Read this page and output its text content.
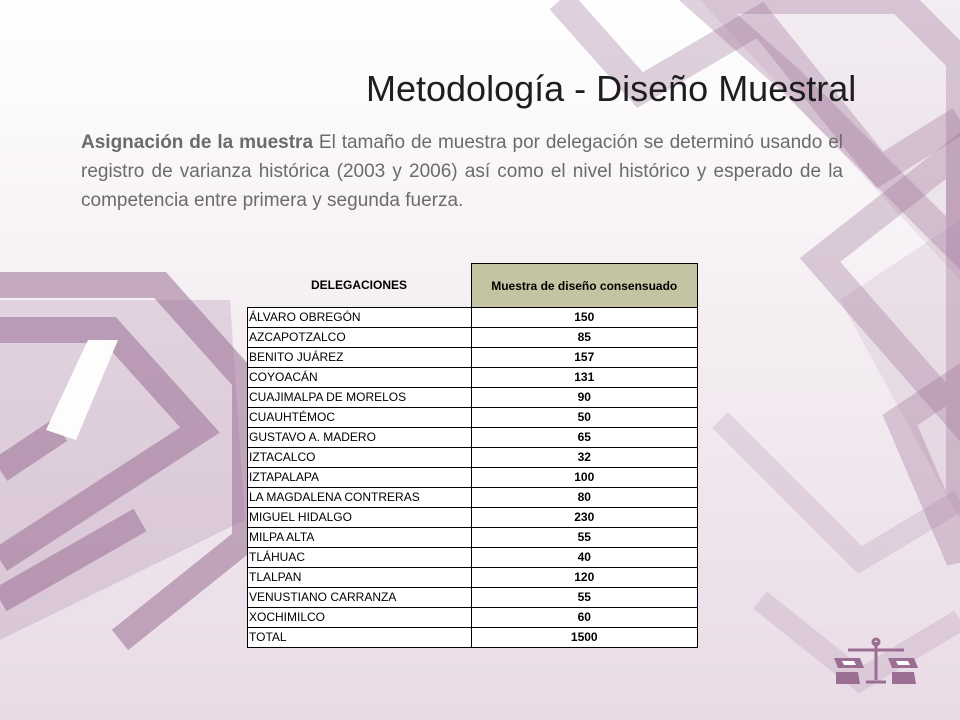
Metodología - Diseño Muestral

Asignación de la muestra El tamaño de muestra por delegación se determinó usando el registro de varianza histórica (2003 y 2006) así como el nivel histórico y esperado de la competencia entre primera y segunda fuerza.

DELEGACIONES	Muestra de diseño consensuado
ÁLVARO OBREGÓN	150
AZCAPOTZALCO	85
BENITO JUÁREZ	157
COYOACÁN	131
CUAJIMALPA DE MORELOS	90
CUAUHTÉMOC	50
GUSTAVO A. MADERO	65
IZTACALCO	32
IZTAPALAPA	100
LA MAGDALENA CONTRERAS	80
MIGUEL HIDALGO	230
MILPA ALTA	55
TLÁHUAC	40
TLALPAN	120
VENUSTIANO CARRANZA	55
XOCHIMILCO	60
TOTAL	1500
